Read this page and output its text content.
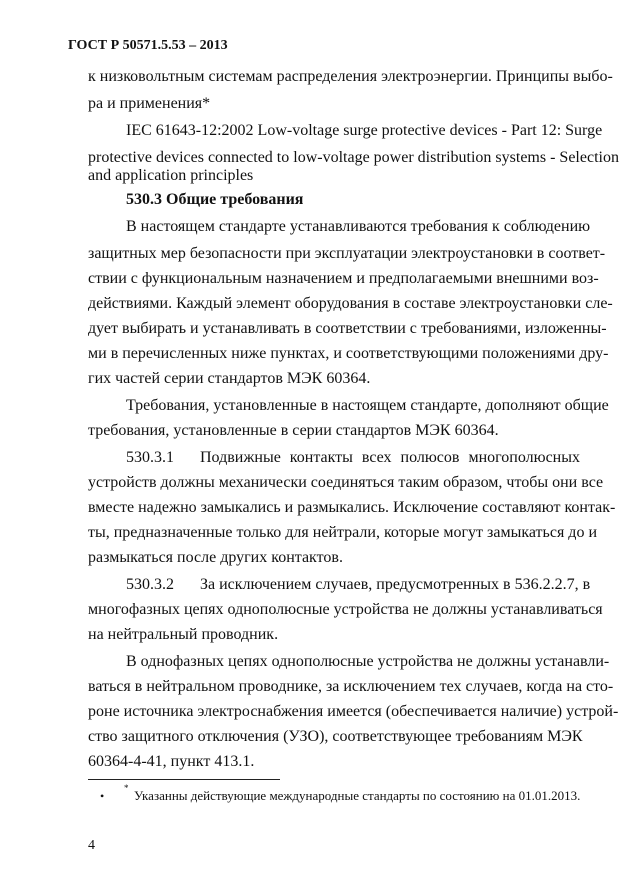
ГОСТ Р 50571.5.53 – 2013
к низковольтным системам распределения электроэнергии. Принципы выбо-
ра и применения*
IEC 61643-12:2002 Low-voltage surge protective devices - Part 12: Surge
protective devices connected to low-voltage power distribution systems - Selection
and application principles
530.3 Общие требования
В настоящем стандарте устанавливаются требования к соблюдению
защитных мер безопасности при эксплуатации электроустановки в соответ-
ствии с функциональным назначением и предполагаемыми внешними воз-
действиями. Каждый элемент оборудования в составе электроустановки сле-
дует выбирать и устанавливать в соответствии с требованиями, изложенны-
ми в перечисленных ниже пунктах, и соответствующими положениями дру-
гих частей серии стандартов МЭК 60364.
Требования, установленные в настоящем стандарте, дополняют общие
требования, установленные в серии стандартов МЭК 60364.
530.3.1 Подвижные контакты всех полюсов многополюсных
устройств должны механически соединяться таким образом, чтобы они все
вместе надежно замыкались и размыкались. Исключение составляют контак-
ты, предназначенные только для нейтрали, которые могут замыкаться до и
размыкаться после других контактов.
530.3.2 За исключением случаев, предусмотренных в 536.2.2.7, в
многофазных цепях однополюсные устройства не должны устанавливаться
на нейтральный проводник.
В однофазных цепях однополюсные устройства не должны устанавли-
ваться в нейтральном проводнике, за исключением тех случаев, когда на сто-
роне источника электроснабжения имеется (обеспечивается наличие) устрой-
ство защитного отключения (УЗО), соответствующее требованиям МЭК
60364-4-41, пункт 413.1.
•
* Указанны действующие международные стандарты по состоянию на 01.01.2013.
4
